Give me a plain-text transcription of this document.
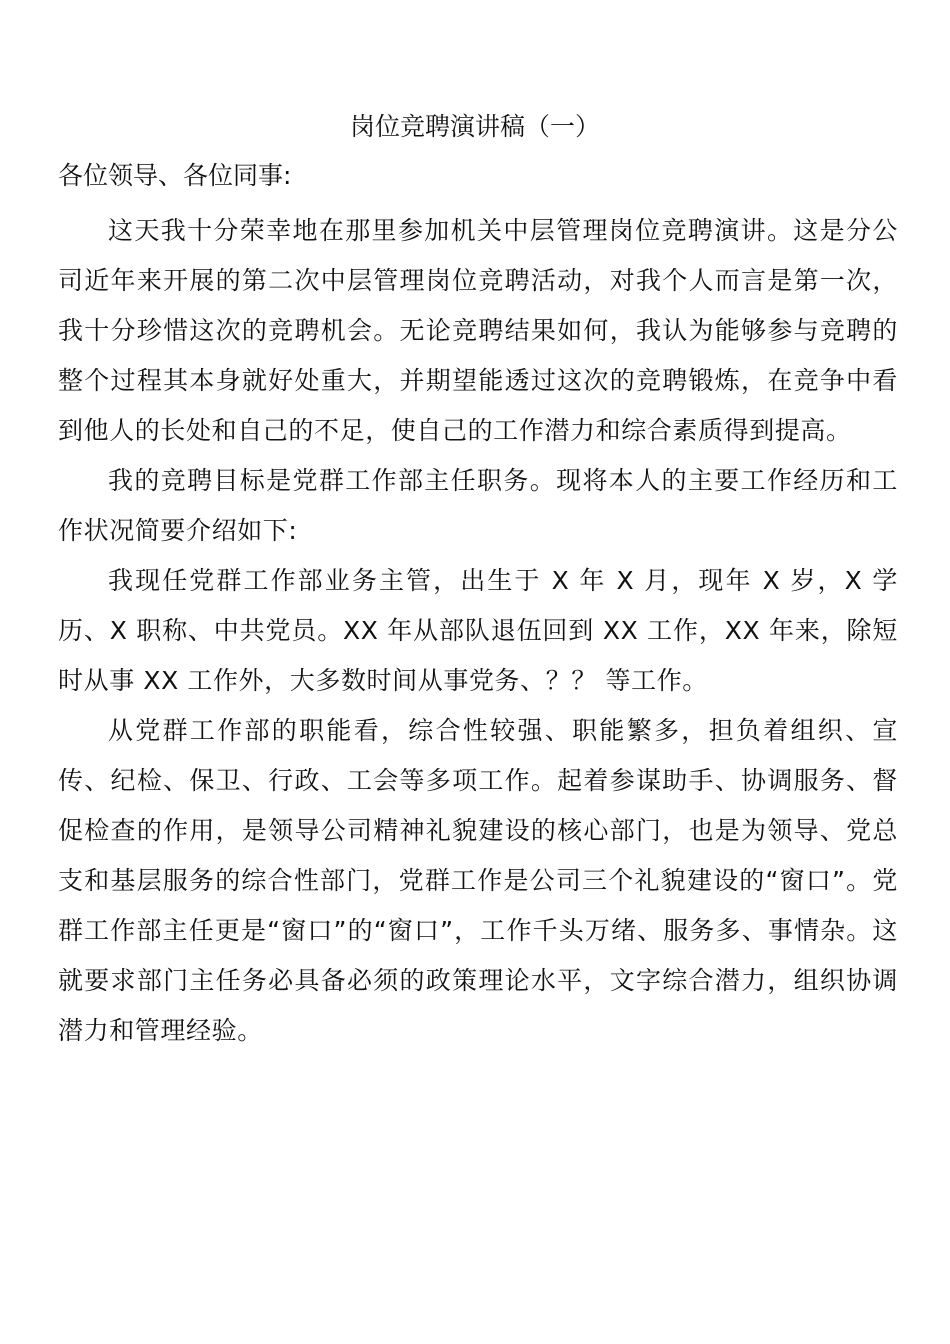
岗位竞聘演讲稿（一）

各位领导、各位同事:

这天我十分荣幸地在那里参加机关中层管理岗位竞聘演讲。这是分公司近年来开展的第二次中层管理岗位竞聘活动，对我个人而言是第一次，我十分珍惜这次的竞聘机会。无论竞聘结果如何，我认为能够参与竞聘的整个过程其本身就好处重大，并期望能透过这次的竞聘锻炼，在竞争中看到他人的长处和自己的不足，使自己的工作潜力和综合素质得到提高。

我的竞聘目标是党群工作部主任职务。现将本人的主要工作经历和工作状况简要介绍如下:

我现任党群工作部业务主管，出生于 X 年 X 月，现年 X 岁，X 学历、X 职称、中共党员。XX 年从部队退伍回到 XX 工作，XX 年来，除短时从事 XX 工作外，大多数时间从事党务、？？ 等工作。

从党群工作部的职能看，综合性较强、职能繁多，担负着组织、宣传、纪检、保卫、行政、工会等多项工作。起着参谋助手、协调服务、督促检查的作用，是领导公司精神礼貌建设的核心部门，也是为领导、党总支和基层服务的综合性部门，党群工作是公司三个礼貌建设的“窗口”。党群工作部主任更是“窗口”的“窗口”，工作千头万绪、服务多、事情杂。这就要求部门主任务必具备必须的政策理论水平，文字综合潜力，组织协调潜力和管理经验。
